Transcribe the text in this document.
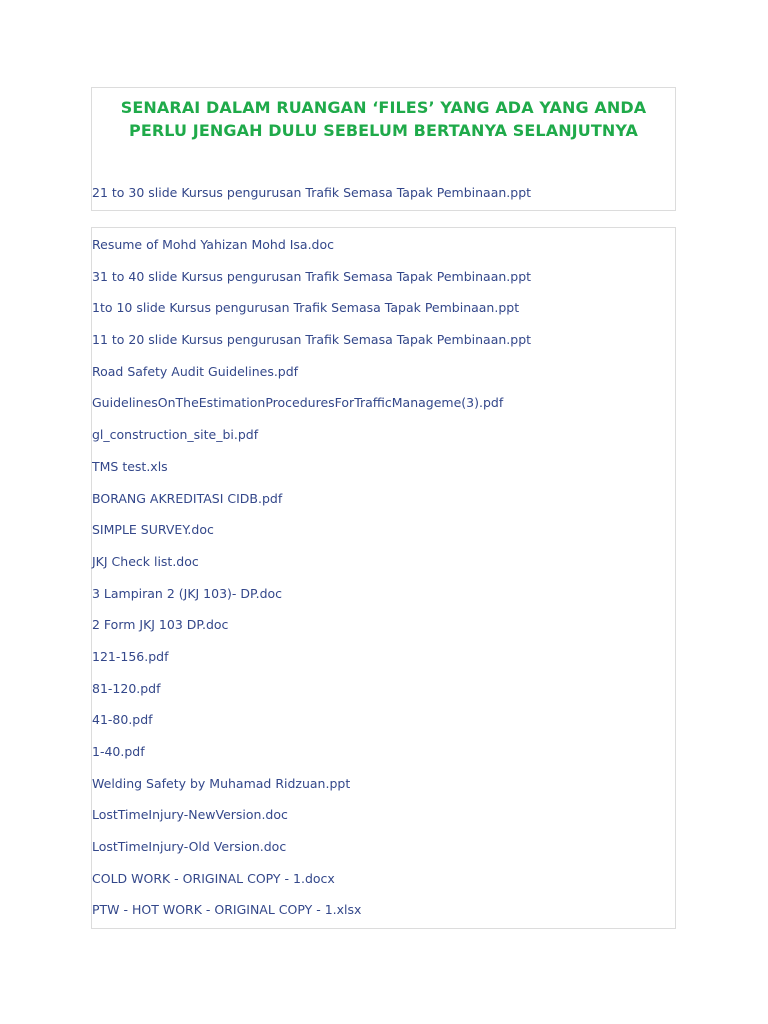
SENARAI DALAM RUANGAN ‘FILES’ YANG ADA YANG ANDA
PERLU JENGAH DULU SEBELUM BERTANYA SELANJUTNYA

21 to 30 slide Kursus pengurusan Trafik Semasa Tapak Pembinaan.ppt

Resume of Mohd Yahizan Mohd Isa.doc
31 to 40 slide Kursus pengurusan Trafik Semasa Tapak Pembinaan.ppt
1to 10 slide Kursus pengurusan Trafik Semasa Tapak Pembinaan.ppt
11 to 20 slide Kursus pengurusan Trafik Semasa Tapak Pembinaan.ppt
Road Safety Audit Guidelines.pdf
GuidelinesOnTheEstimationProceduresForTrafficManageme(3).pdf
gl_construction_site_bi.pdf
TMS test.xls
BORANG AKREDITASI CIDB.pdf
SIMPLE SURVEY.doc
JKJ Check list.doc
3 Lampiran 2 (JKJ 103)- DP.doc
2 Form JKJ 103 DP.doc
121-156.pdf
81-120.pdf
41-80.pdf
1-40.pdf
Welding Safety by Muhamad Ridzuan.ppt
LostTimeInjury-NewVersion.doc
LostTimeInjury-Old Version.doc
COLD WORK - ORIGINAL COPY - 1.docx
PTW - HOT WORK - ORIGINAL COPY - 1.xlsx
